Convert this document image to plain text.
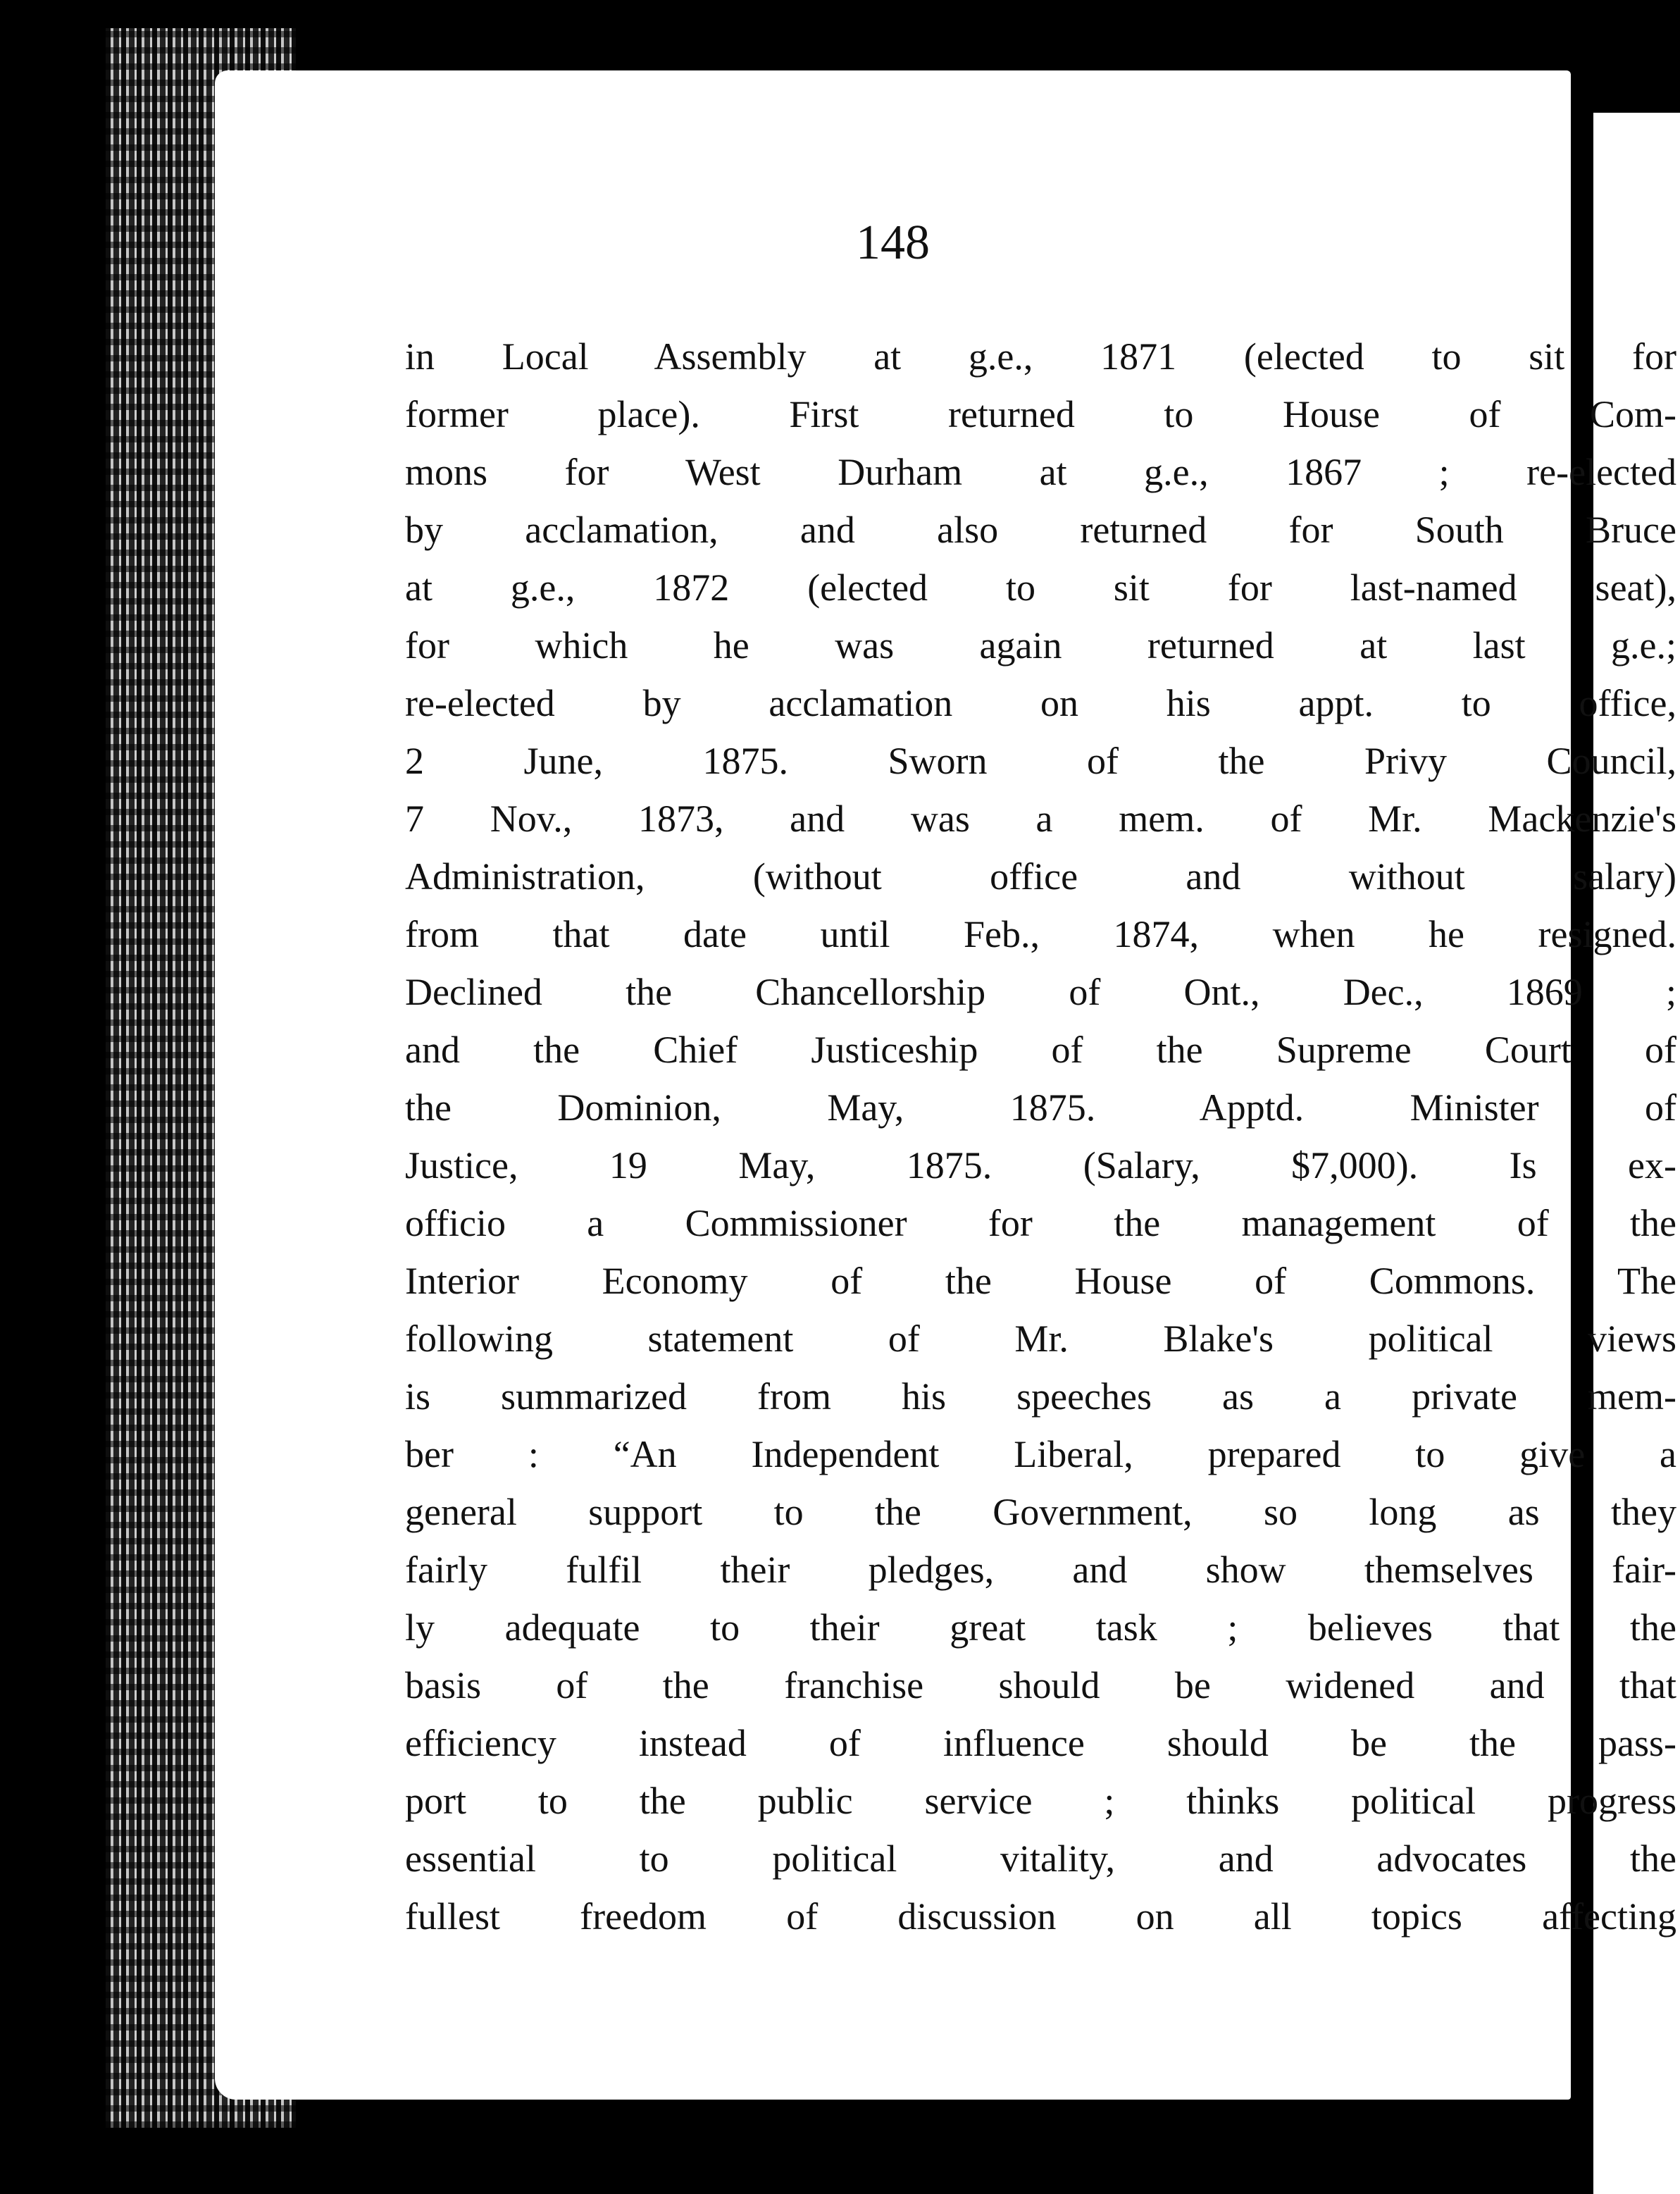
148
in Local Assembly at g.e., 1871 (elected to sit for
former place). First returned to House of Com-
mons for West Durham at g.e., 1867 ; re-elected
by acclamation, and also returned for South Bruce
at g.e., 1872 (elected to sit for last-named seat),
for which he was again returned at last g.e.;
re-elected by acclamation on his appt. to office,
2 June, 1875. Sworn of the Privy Council,
7 Nov., 1873, and was a mem. of Mr. Mackenzie's
Administration, (without office and without salary)
from that date until Feb., 1874, when he resigned.
Declined the Chancellorship of Ont., Dec., 1869 ;
and the Chief Justiceship of the Supreme Court of
the Dominion, May, 1875. Apptd. Minister of
Justice, 19 May, 1875. (Salary, $7,000). Is ex-
officio a Commissioner for the management of the
Interior Economy of the House of Commons. The
following statement of Mr. Blake's political views
is summarized from his speeches as a private mem-
ber : “An Independent Liberal, prepared to give a
general support to the Government, so long as they
fairly fulfil their pledges, and show themselves fair-
ly adequate to their great task ; believes that the
basis of the franchise should be widened and that
efficiency instead of influence should be the pass-
port to the public service ; thinks political progress
essential to political vitality, and advocates the
fullest freedom of discussion on all topics affecting
